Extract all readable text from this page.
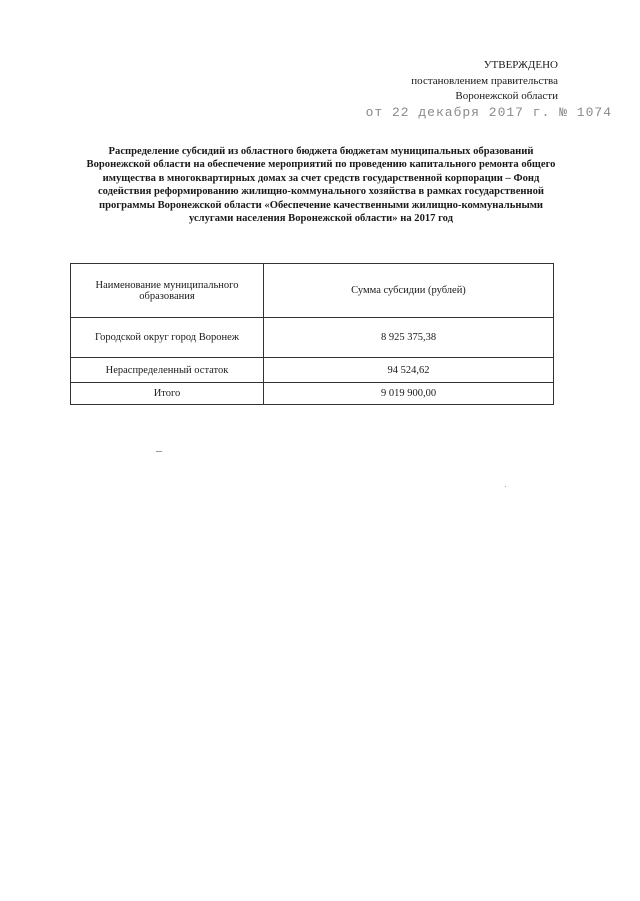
УТВЕРЖДЕНО
постановлением правительства
Воронежской области
от 22 декабря 2017 г. № 1074
Распределение субсидий из областного бюджета бюджетам муниципальных образований Воронежской области на обеспечение мероприятий по проведению капитального ремонта общего имущества в многоквартирных домах за счет средств государственной корпорации – Фонд содействия реформированию жилищно-коммунального хозяйства в рамках государственной программы Воронежской области «Обеспечение качественными жилищно-коммунальными услугами населения Воронежской области» на 2017 год
Наименование муниципального образования	Сумма субсидии (рублей)
Городской округ город Воронеж	8 925 375,38
Нераспределенный остаток	94 524,62
Итого	9 019 900,00
